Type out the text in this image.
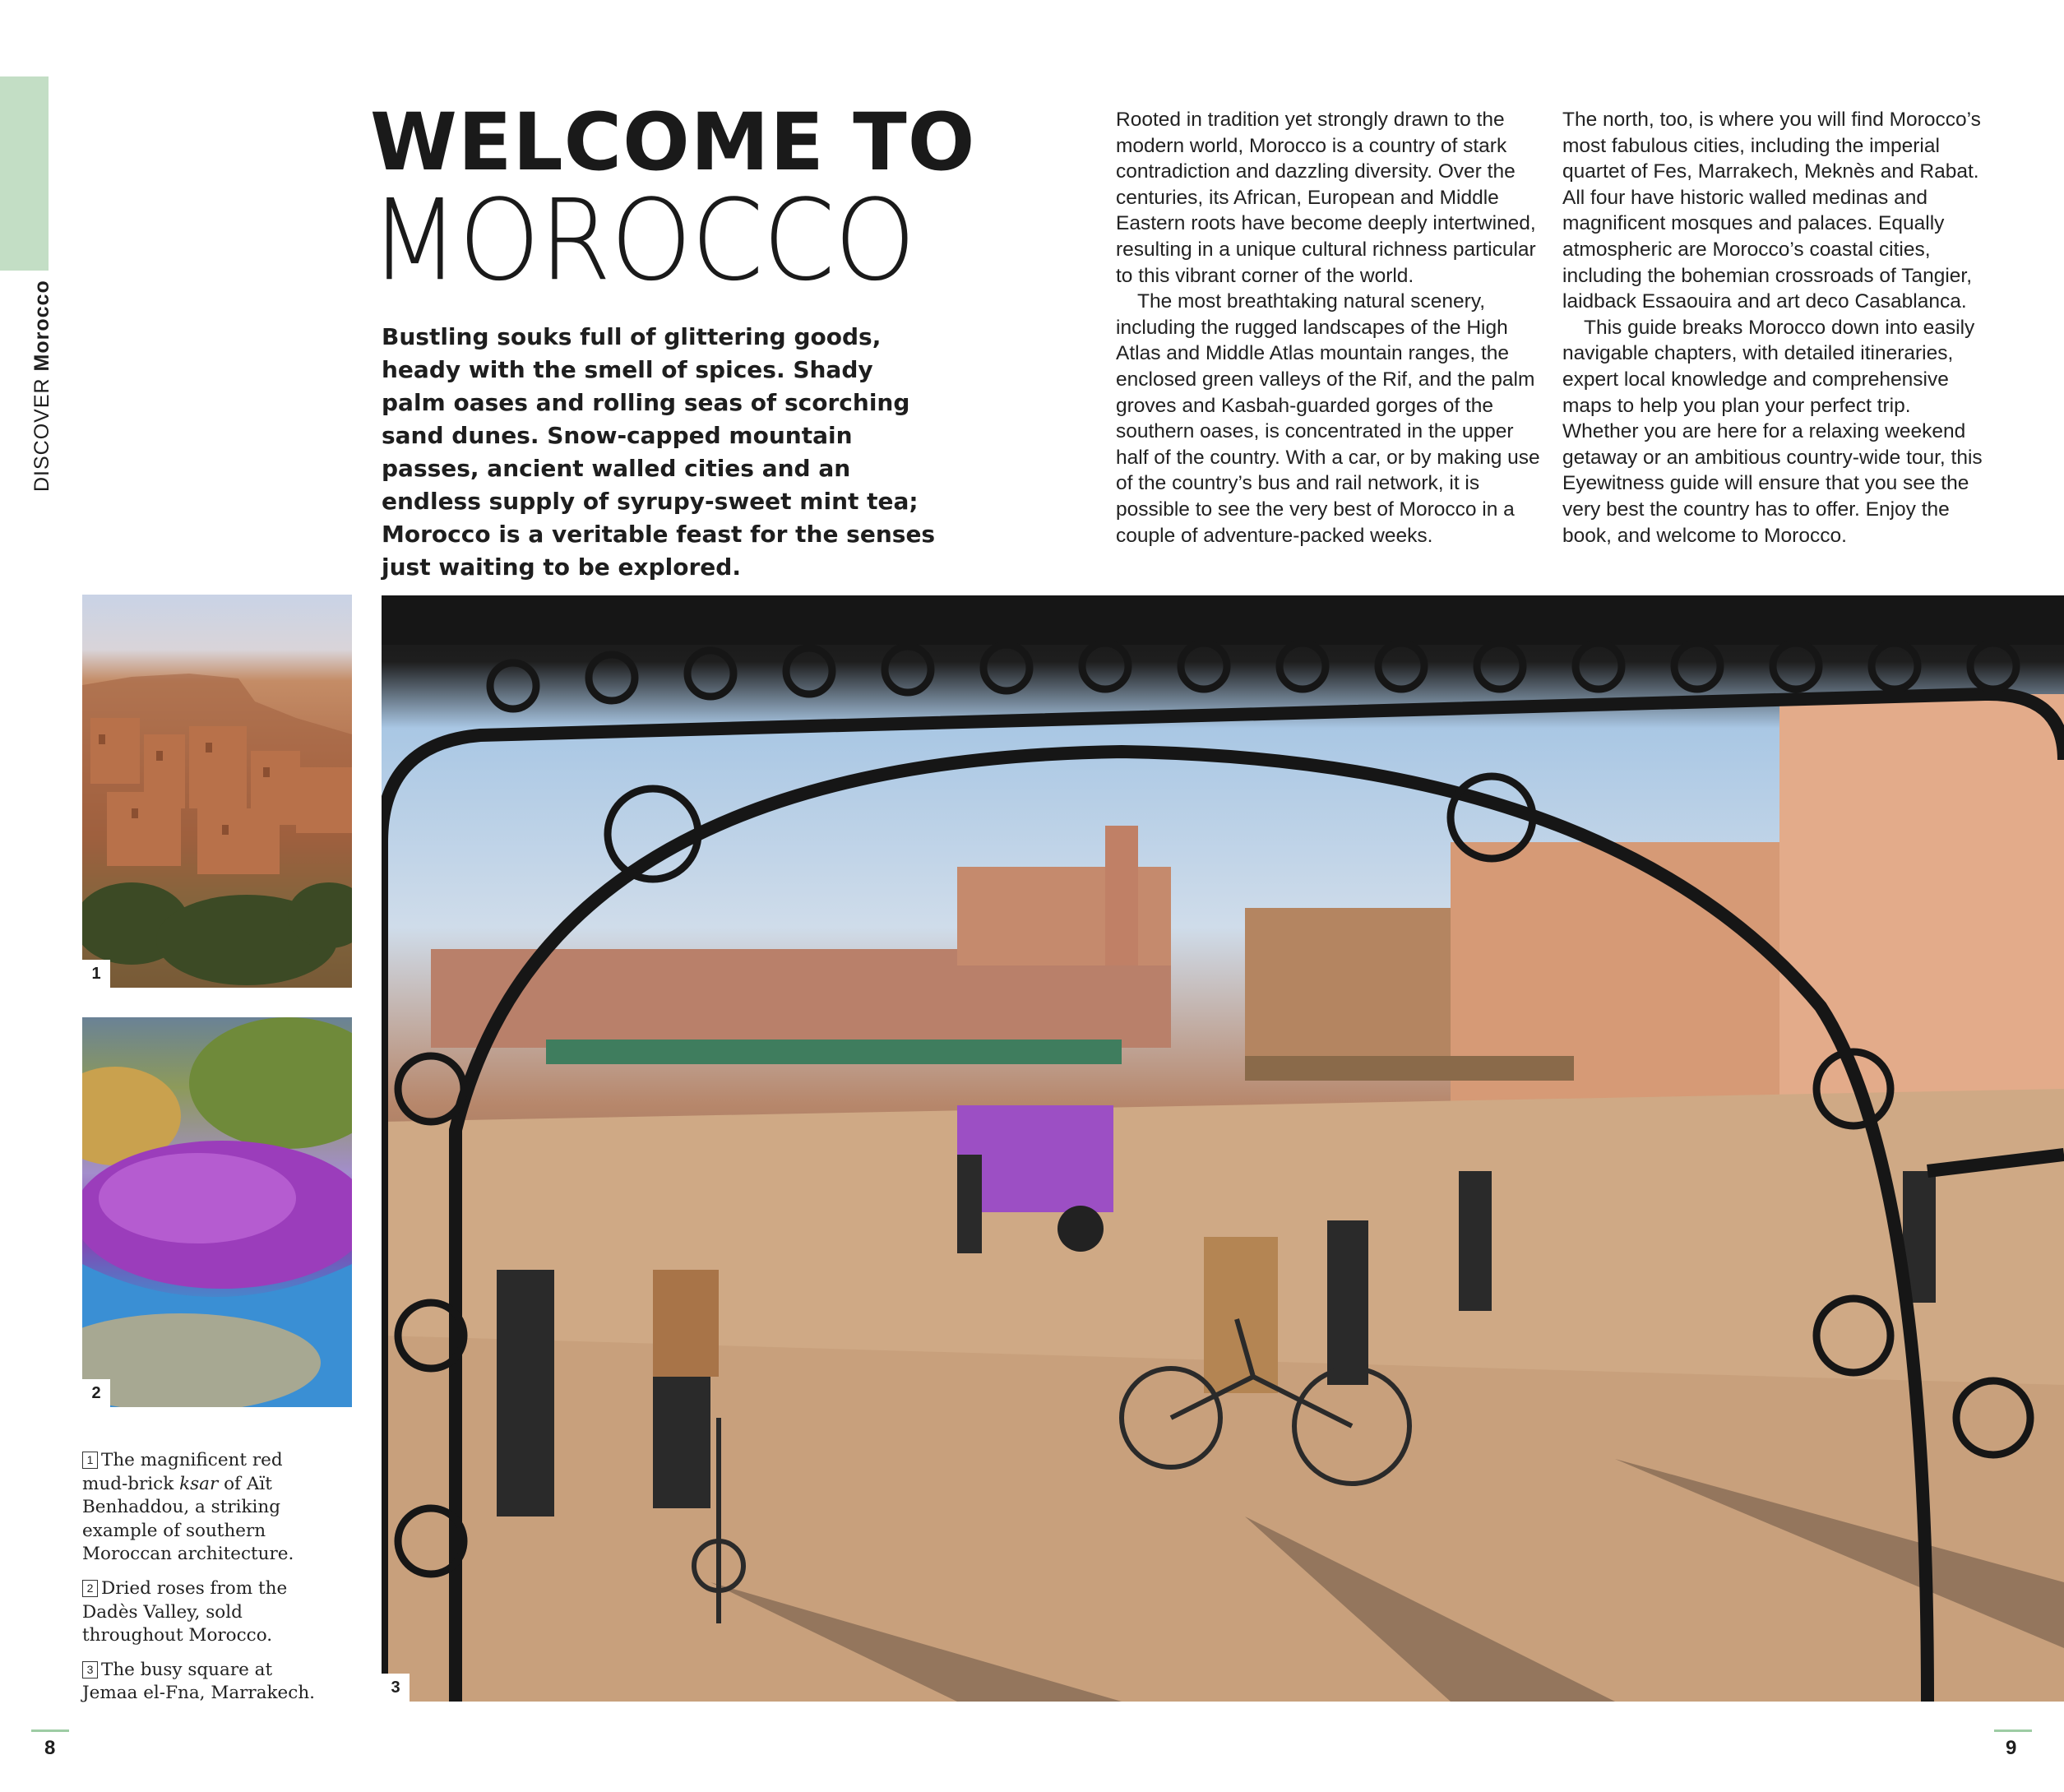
DISCOVER Morocco
WELCOME TO
MOROCCO
Bustling souks full of glittering goods, heady with the smell of spices. Shady palm oases and rolling seas of scorching sand dunes. Snow-capped mountain passes, ancient walled cities and an endless supply of syrupy-sweet mint tea; Morocco is a veritable feast for the senses just waiting to be explored.

Rooted in tradition yet strongly drawn to the modern world, Morocco is a country of stark contradiction and dazzling diversity. Over the centuries, its African, European and Middle Eastern roots have become deeply intertwined, resulting in a unique cultural richness particular to this vibrant corner of the world.

The most breathtaking natural scenery, including the rugged landscapes of the High Atlas and Middle Atlas mountain ranges, the enclosed green valleys of the Rif, and the palm groves and Kasbah-guarded gorges of the southern oases, is concentrated in the upper half of the country. With a car, or by making use of the country’s bus and rail network, it is possible to see the very best of Morocco in a couple of adventure-packed weeks.

The north, too, is where you will find Morocco’s most fabulous cities, including the imperial quartet of Fes, Marrakech, Meknès and Rabat. All four have historic walled medinas and magnificent mosques and palaces. Equally atmospheric are Morocco’s coastal cities, including the bohemian crossroads of Tangier, laidback Essaouira and art deco Casablanca.

This guide breaks Morocco down into easily navigable chapters, with detailed itineraries, expert local knowledge and comprehensive maps to help you plan your perfect trip. Whether you are here for a relaxing weekend getaway or an ambitious country-wide tour, this Eyewitness guide will ensure that you see the very best the country has to offer. Enjoy the book, and welcome to Morocco.

1
2
3

1 The magnificent red mud-brick ksar of Aït Benhaddou, a striking example of southern Moroccan architecture.

2 Dried roses from the Dadès Valley, sold throughout Morocco.

3 The busy square at Jemaa el-Fna, Marrakech.

8	9
